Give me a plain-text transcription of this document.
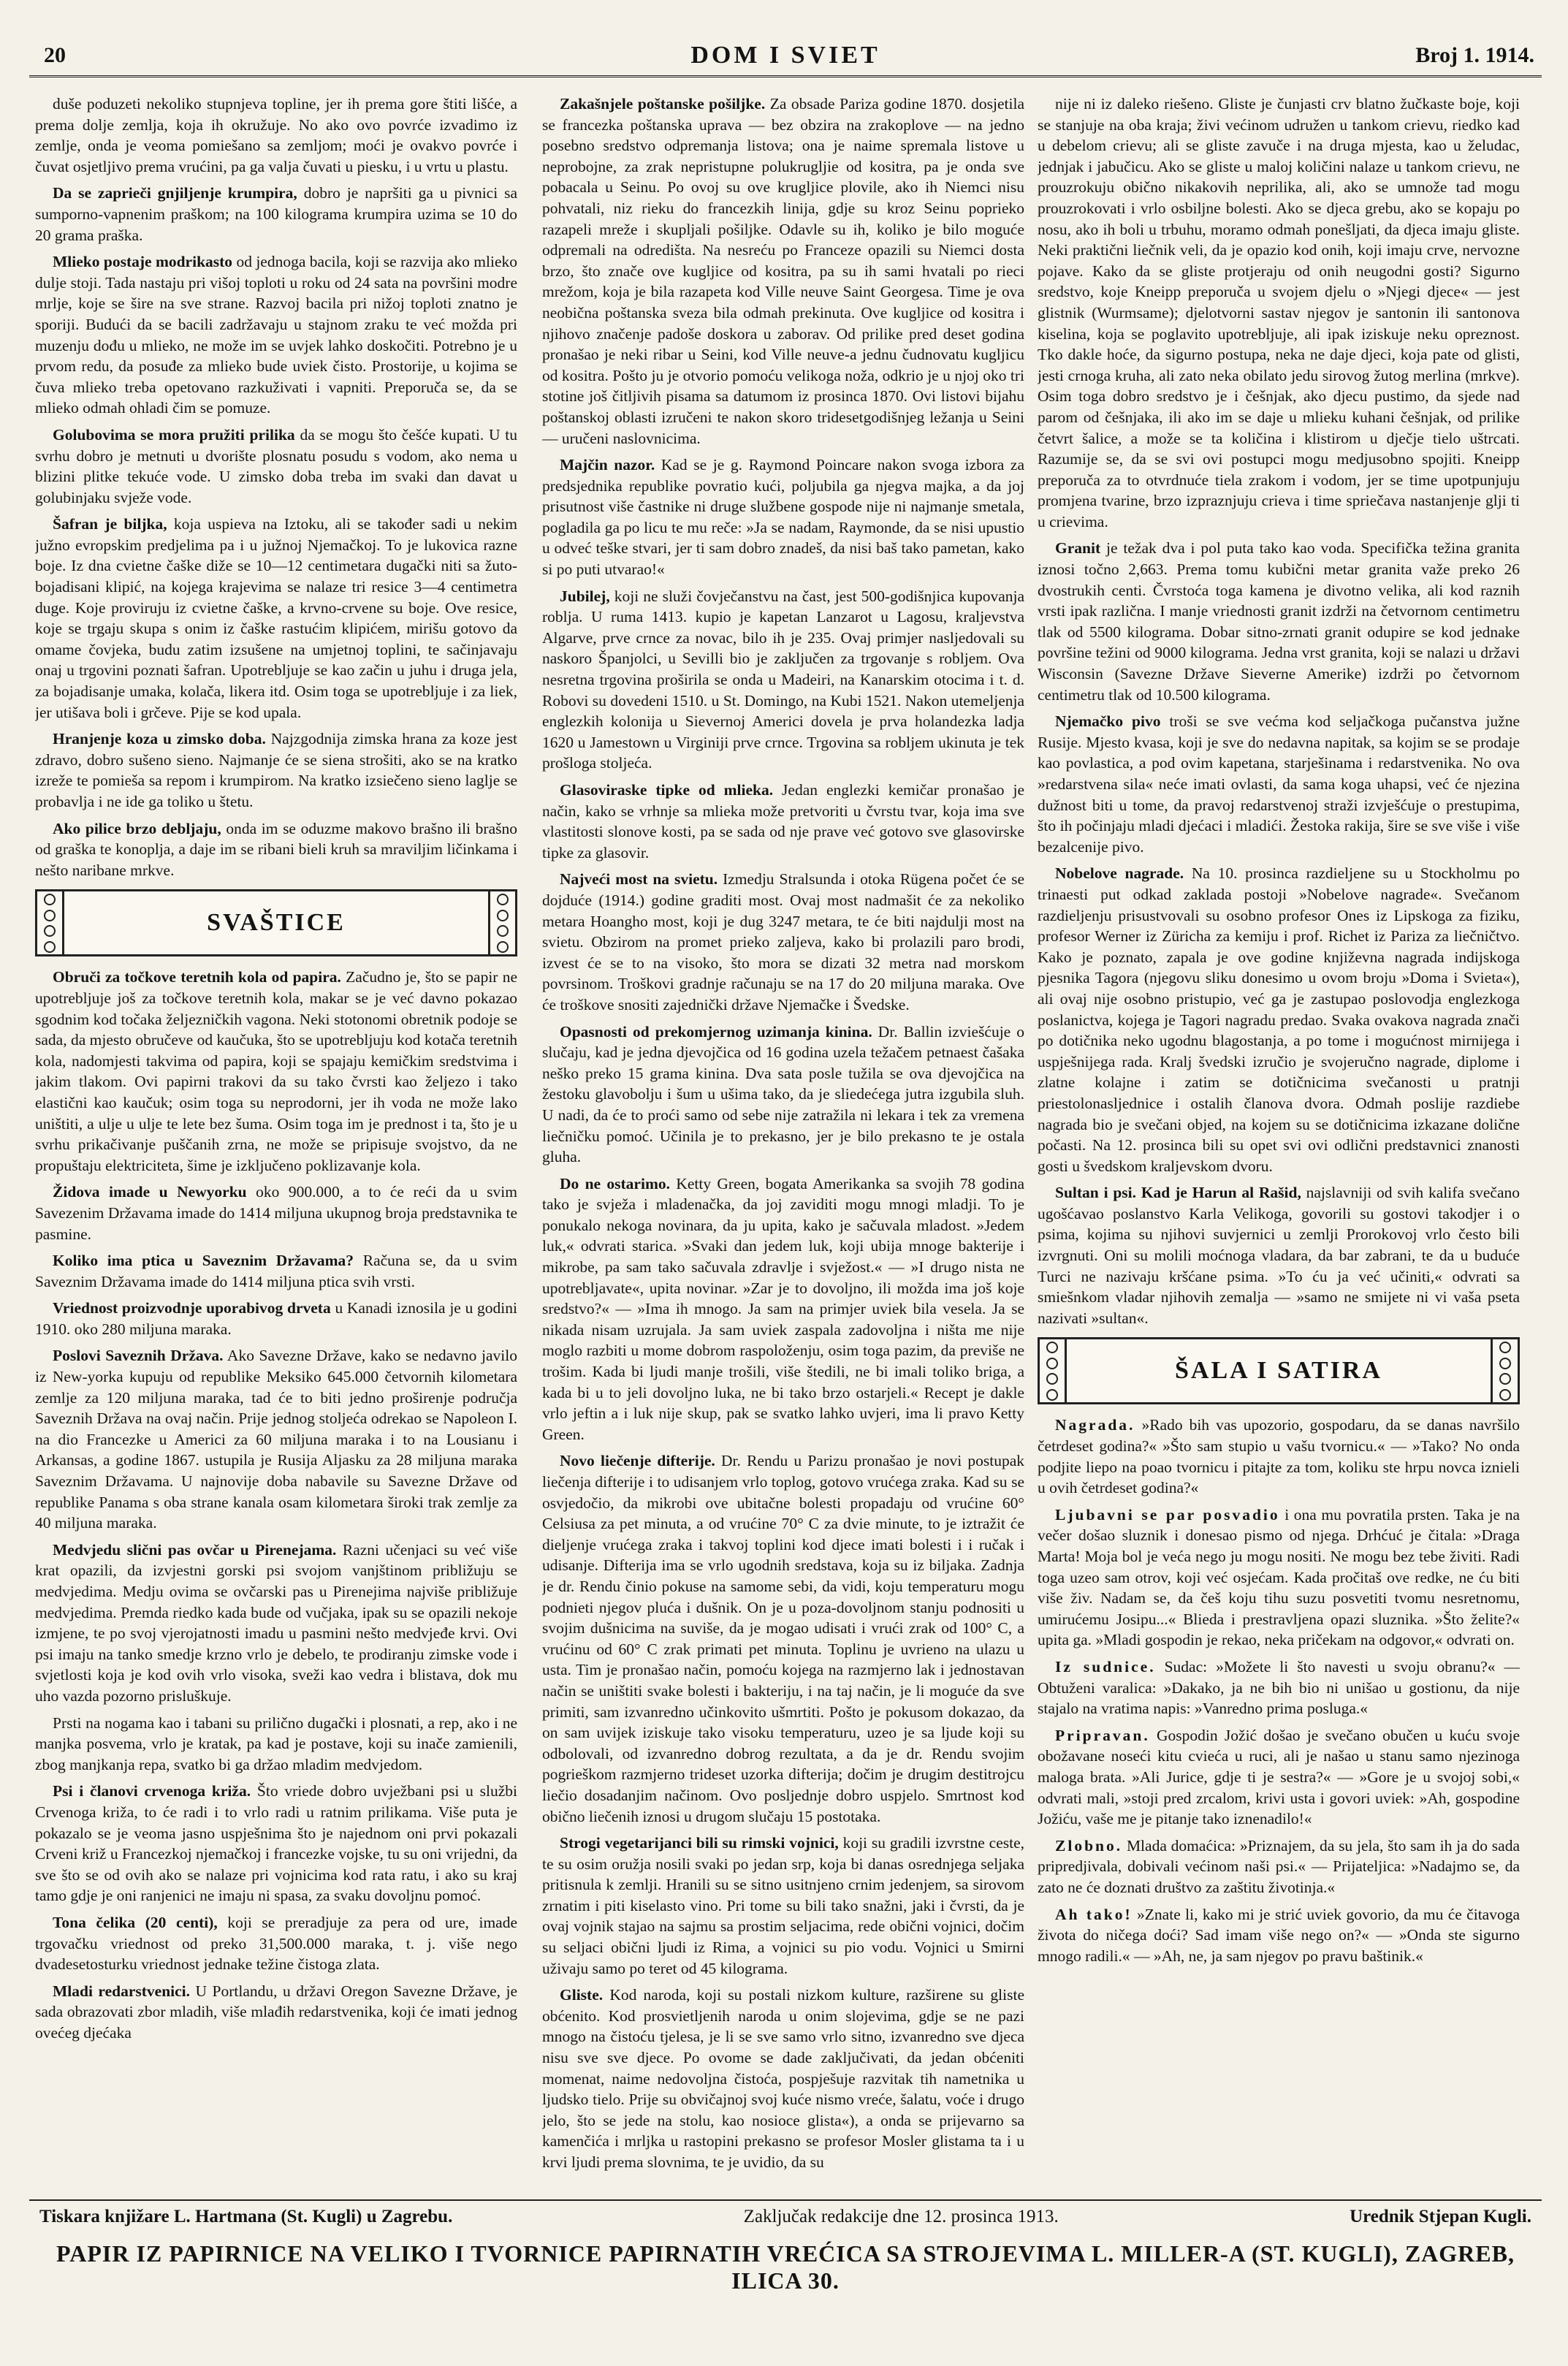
20	DOM I SVIET	Broj 1. 1914.

duše poduzeti nekoliko stupnjeva topline, jer ih prema gore štiti lišće, a prema dolje zemlja, koja ih okružuje. No ako ovo povrće izvadimo iz zemlje, onda je veoma pomiešano sa zemljom; moći je ovakvo povrće i čuvat osjetljivo prema vrućini, pa ga valja čuvati u piesku, i u vrtu u plastu.

Da se zaprieči gnjiljenje krumpira, dobro je napršiti ga u pivnici sa sumporno-vapnenim praškom; na 100 kilograma krumpira uzima se 10 do 20 grama praška.

Mlieko postaje modrikasto od jednoga bacila, koji se razvija ako mlieko dulje stoji. Tada nastaju pri višoj toploti u roku od 24 sata na površini modre mrlje, koje se šire na sve strane. Razvoj bacila pri nižoj toploti znatno je sporiji. Budući da se bacili zadržavaju u stajnom zraku te već možda pri muzenju dođu u mlieko, ne može im se uvjek lahko doskočiti. Potrebno je u prvom redu, da posuđe za mlieko bude uviek čisto. Prostorije, u kojima se čuva mlieko treba opetovano razkuživati i vapniti. Preporuča se, da se mlieko odmah ohladi čim se pomuze.

Golubovima se mora pružiti prilika da se mogu što češće kupati. U tu svrhu dobro je metnuti u dvorište plosnatu posudu s vodom, ako nema u blizini plitke tekuće vode. U zimsko doba treba im svaki dan davat u golubinjaku svježe vode.

Šafran je biljka, koja uspieva na Iztoku, ali se također sadi u nekim južno evropskim predjelima pa i u južnoj Njemačkoj. To je lukovica razne boje. Iz dna cvietne čaške diže se 10—12 centimetara dugački niti sa žuto-bojadisani klipić, na kojega krajevima se nalaze tri resice 3—4 centimetra duge. Koje proviruju iz cvietne čaške, a krvno-crvene su boje. Ove resice, koje se trgaju skupa s onim iz čaške rastućim klipićem, mirišu gotovo da omame čovjeka, budu zatim izsušene na umjetnoj toplini, te sačinjavaju onaj u trgovini poznati šafran. Upotrebljuje se kao začin u juhu i druga jela, za bojadisanje umaka, kolača, likera itd. Osim toga se upotrebljuje i za liek, jer utišava boli i grčeve. Pije se kod upala.

Hranjenje koza u zimsko doba. Najzgodnija zimska hrana za koze jest zdravo, dobro sušeno sieno. Najmanje će se siena strošiti, ako se na kratko izreže te pomieša sa repom i krumpirom. Na kratko izsiečeno sieno laglje se probavlja i ne ide ga toliko u štetu.

Ako pilice brzo debljaju, onda im se oduzme makovo brašno ili brašno od graška te konoplja, a daje im se ribani bieli kruh sa mraviljim ličinkama i nešto naribane mrkve.

SVAŠTICE

Obruči za točkove teretnih kola od papira. Začudno je, što se papir ne upotrebljuje još za točkove teretnih kola, makar se je već davno pokazao sgodnim kod točaka željezničkih vagona. Neki stotonomi obretnik podoje se sada, da mjesto obručeve od kaučuka, što se upotrebljuju kod kotača teretnih kola, nadomjesti takvima od papira, koji se spajaju kemičkim sredstvima i jakim tlakom. Ovi papirni trakovi da su tako čvrsti kao željezo i tako elastični kao kaučuk; osim toga su neprodorni, jer ih voda ne može lako uništiti, a ulje u ulje te lete bez šuma. Osim toga im je prednost i ta, što je u svrhu prikačivanje puščanih zrna, ne može se pripisuje svojstvo, da ne propuštaju elektriciteta, šime je izključeno poklizavanje kola.

Židova imade u Newyorku oko 900.000, a to će reći da u svim Savezenim Državama imade do 1414 miljuna ukupnog broja predstavnika te pasmine.

Koliko ima ptica u Saveznim Državama? Računa se, da u svim Saveznim Državama imade do 1414 miljuna ptica svih vrsti.

Vriednost proizvodnje uporabivog drveta u Kanadi iznosila je u godini 1910. oko 280 miljuna maraka.

Poslovi Saveznih Država. Ako Savezne Države, kako se nedavno javilo iz New-yorka kupuju od republike Meksiko 645.000 četvornih kilometara zemlje za 120 miljuna maraka, tad će to biti jedno proširenje područja Saveznih Država na ovaj način. Prije jednog stoljeća odrekao se Napoleon I. na dio Francezke u Americi za 60 miljuna maraka i to na Lousianu i Arkansas, a godine 1867. ustupila je Rusija Aljasku za 28 miljuna maraka Saveznim Državama. U najnovije doba nabavile su Savezne Države od republike Panama s oba strane kanala osam kilometara široki trak zemlje za 40 miljuna maraka.

Medvjedu slični pas ovčar u Pirenejama. Razni učenjaci su već više krat opazili, da izvjestni gorski psi svojom vanjštinom približuju se medvjedima. Medju ovima se ovčarski pas u Pirenejima najviše približuje medvjedima. Premda riedko kada bude od vučjaka, ipak su se opazili nekoje izmjene, te po svoj vjerojatnosti imadu u pasmini nešto medvjeđe krvi. Ovi psi imaju na tanko smedje krzno vrlo je debelo, te prodiranju zimske vode i svjetlosti koja je kod ovih vrlo visoka, sveži kao vedra i blistava, dok mu uho vazda pozorno prisluškuje.

Prsti na nogama kao i tabani su prilično dugački i plosnati, a rep, ako i ne manjka posvema, vrlo je kratak, pa kad je postave, koji su inače zamienili, zbog manjkanja repa, svatko bi ga držao mladim medvjedom.

Psi i članovi crvenoga križa. Što vriede dobro uvježbani psi u službi Crvenoga križa, to će radi i to vrlo radi u ratnim prilikama. Više puta je pokazalo se je veoma jasno uspješnima što je najednom oni prvi pokazali Crveni križ u Francezkoj njemačkoj i francezke vojske, tu su oni vrijedni, da sve što se od ovih ako se nalaze pri vojnicima kod rata ratu, i ako su kraj tamo gdje je oni ranjenici ne imaju ni spasa, za svaku dovoljnu pomoć.

Tona čelika (20 centi), koji se preradjuje za pera od ure, imade trgovačku vriednost od preko 31,500.000 maraka, t. j. više nego dvadesetosturku vriednost jednake težine čistoga zlata.

Mladi redarstvenici. U Portlandu, u državi Oregon Savezne Države, je sada obrazovati zbor mladih, više mlađih redarstvenika, koji će imati jednog ovećeg djećaka

Zakašnjele poštanske pošiljke. Za obsade Pariza godine 1870. dosjetila se francezka poštanska uprava — bez obzira na zrakoplove — na jedno posebno sredstvo odpremanja listova; ona je naime spremala listove u neprobojne, za zrak nepristupne polukrugljie od kositra, pa je onda sve pobacala u Seinu. Po ovoj su ove krugljice plovile, ako ih Niemci nisu pohvatali, niz rieku do francezkih linija, gdje su kroz Seinu poprieko razapeli mreže i skupljali pošiljke. Odavle su ih, koliko je bilo moguće odpremali na odredišta. Na nesreću po Franceze opazili su Niemci dosta brzo, što znače ove kugljice od kositra, pa su ih sami hvatali po rieci mrežom, koja je bila razapeta kod Ville neuve Saint Georgesa. Time je ova neobična poštanska svеza bila odmah prekinuta. Ove kugljice od kositra i njihovo značenje padoše doskora u zaborav. Od prilike pred deset godina pronašao je neki ribar u Seini, kod Ville neuve-a jednu čudnovatu kugljicu od kositra. Pošto ju je otvorio pomoću velikoga noža, odkrio je u njoj oko tri stotine još čitljivih pisama sa datumom iz prosinca 1870. Ovi listovi bijahu poštanskoj oblasti izručeni te nakon skoro tridesetgodišnjeg ležanja u Seini — uručeni naslovnicima.

Majčin nazor. Kad se je g. Raymond Poincare nakon svoga izbora za predsjednika republike povratio kući, poljubila ga njegva majka, a da joj prisutnost više častnike ni druge službene gospode nije ni najmanje smetala, pogladila ga po licu te mu reče: »Ja se nadam, Raymonde, da se nisi upustio u odveć teške stvari, jer ti sam dobro znadeš, da nisi baš tako pametan, kako si po puti utvarao!«

Jubilej, koji ne služi čovječanstvu na čast, jest 500-godišnjica kupovanja roblja. U ruma 1413. kupio je kapetan Lanzarot u Lagosu, kraljevstva Algarve, prve crnce za novac, bilo ih je 235. Ovaj primjer nasljedovali su naskoro Španjolci, u Sevilli bio je zaključen za trgovanje s robljem. Ova nesretna trgovina proširila se onda u Madeiri, na Kanarskim otocima i t. d. Robovi su dovedeni 1510. u St. Domingo, na Kubi 1521. Nakon utemeljenja englezkih kolonija u Sievernoj Americi dovela je prva holandezka ladja 1620 u Jamestown u Virginiji prve crnce. Trgovina sa robljem ukinuta je tek prošloga stoljeća.

Glasoviraske tipke od mlieka. Jedan englezki kemičar pronašao je način, kako se vrhnje sa mlieka može pretvoriti u čvrstu tvar, koja ima sve vlastitosti slonove kosti, pa se sada od nje prave već gotovo sve glasovirske tipke za glasovir.

Najveći most na svietu. Izmedju Stralsunda i otoka Rügena počet će se dojduće (1914.) godine graditi most. Ovaj most nadmašit će za nekoliko metara Hoangho most, koji je dug 3247 metara, te će biti najdulji most na svietu. Obzirom na promet prieko zaljeva, kako bi prolazili paro brodi, izvest će se to na visoko, što mora se dizati 32 metra nad morskom povrsinom. Troškovi gradnje računaju se na 17 do 20 miljuna maraka. Ove će troškove snositi zajednički države Njemačke i Švedske.

Opasnosti od prekomjernog uzimanja kinina. Dr. Ballin izviešćuje o slučaju, kad je jedna djevojčica od 16 godina uzela težačem petnaest čašaka neško preko 15 grama kinina. Dva sata posle tužila se ova djevojčica na žestoku glavobolju i šum u ušima tako, da je sliedećega jutra izgubila sluh. U nadi, da će to proći samo od sebe nije zatražila ni lekara i tek za vremena liečničku pomoć. Učinila je to prekasno, jer je bilo prekasno te je ostala gluha.

Do ne ostarimo. Ketty Green, bogata Amerikanka sa svojih 78 godina tako je svježa i mladenačka, da joj zaviditi mogu mnogi mladji. To je ponukalo nekoga novinara, da ju upita, kako je sačuvala mladost. »Jedem luk,« odvrati starica. »Svaki dan jedem luk, koji ubija mnoge bakterije i mikrobe, pa sam tako sačuvala zdravlje i svježost.« — »I drugo nista ne upotrebljavate«, upita novinar. »Zar je to dovoljno, ili možda ima još koje sredstvo?« — »Ima ih mnogo. Ja sam na primjer uviek bila veselа. Ja se nikada nisam uzrujala. Ja sam uviek zaspala zadovoljna i ništa me nije moglo razbiti u mome dobrom raspoloženju, osim toga pazim, da previše ne trošim. Kada bi ljudi manje trošili, više štedili, ne bi imali toliko briga, a kada bi u to jeli dovoljno luka, ne bi tako brzo ostarjeli.« Recept je dakle vrlo jeftin a i luk nije skup, pak se svatko lahko uvjeri, ima li pravo Ketty Green.

Novo liečenje difterije. Dr. Rendu u Parizu pronašao je novi postupak liečenja difterije i to udisanjem vrlo toplog, gotovo vrućega zraka. Kad su se osvjedočio, da mikrobi ove ubitačne bolesti propadaju od vrućine 60° Celsiusa za pet minuta, a od vrućine 70° C za dvie minute, to je iztražit će dieljenje vrućega zraka i takvoj toplini kod djece imati bolesti i i ručak i udisanje. Difterija ima se vrlo ugodnih sredstava, koja su iz biljaka. Zadnja je dr. Rendu činio pokuse na samome sebi, da vidi, koju temperaturu mogu podnieti njegov pluća i dušnik. On je u poza-dovoljnom stanju podnositi u svojim dušnicima na suviše, da je mogao udisati i vrući zrak od 100° C, a vrućinu od 60° C zrak primati pet minuta. Toplinu je uvrieno na ulazu u usta. Tim je pronašao način, pomoću kojega na razmjerno lak i jednostavan način se uništiti svake bolesti i bakteriju, i na taj način, je li moguće da sve primiti, sam izvanredno učinkovito ušmrtiti. Pošto je pokusom dokazao, da on sam uvijek iziskuje tako visoku temperaturu, uzeo je sa ljude koji su odbolovali, od izvanredno dobrog rezultata, a da je dr. Rendu svojim pogrieškom razmjerno trideset uzorka difterija; dočim je drugim destitrojcu liečio dosadanjim načinom. Ovo posljednje dobro uspjelo. Smrtnost kod obično liečenih iznosi u drugom slučaju 15 postotaka.

Strogi vegetarijanci bili su rimski vojnici, koji su gradili izvrstne ceste, te su osim oružja nosili svaki po jedan srp, koja bi danas osrednjega seljaka pritisnula k zemlji. Hranili su se sitno usitnjeno crnim jedenjem, sa sirovom zrnatim i piti kiselasto vino. Pri tome su bili tako snažni, jaki i čvrsti, da je ovaj vojnik stajao na sajmu sa prostim seljacima, rede obični vojnici, dočim su seljaci obični ljudi iz Rima, a vojnici su pio vodu. Vojnici u Smirni uživaju samo po teret od 45 kilograma.

Gliste. Kod naroda, koji su postali nizkom kulture, razširene su gliste obćenito. Kod prosvietljenih naroda u onim slojevima, gdje se ne pazi mnogo na čistoću tjelesa, je li se sve samo vrlo sitno, izvanredno sve djeca nisu sve sve djece. Po ovome se dade zaključivati, da jedan obćeniti momenat, naime nedovoljna čistoća, pospješuje razvitak tih nametnika u ljudsko tielo. Prije su obvičajnoj svoj kuće nismo vreće, šalatu, voće i drugo jelo, što se jede na stolu, kao nosioce glista«), a onda se prijevarno sa kamenčića i mrljka u rastopini prekasno se profesor Mosler glistama ta i u krvi ljudi prema slovnima, te je uvidio, da su

nije ni iz daleko riešeno. Gliste je čunjasti crv blatno žučkaste boje, koji se stanjuje na oba kraja; živi većinom udružen u tankom crievu, riedko kad u debelom crievu; ali se gliste zavuče i na druga mjesta, kao u želudac, jednjak i jabučicu. Ako se gliste u maloj količini nalaze u tankom crievu, ne prouzrokuju obično nikakovih neprilika, ali, ako se umnože tad mogu prouzrokovati i vrlo osbiljne bolesti. Ako se djeca grebu, ako se kopaju po nosu, ako ih boli u trbuhu, moramo odmah ponešljati, da djeca imaju gliste. Neki praktični liečnik veli, da je opazio kod onih, koji imaju crve, nervozne pojave. Kako da se gliste protjeraju od onih neugodni gosti? Sigurno sredstvo, koje Kneipp preporuča u svojem djelu o »Njegi djece« — jest glistnik (Wurmsame); djelotvorni sastav njegov je santonin ili santonova kiselina, koja se poglavito upotrebljuje, ali ipak iziskuje neku opreznost. Tko dakle hoće, da sigurno postupa, neka ne daje djeci, koja pate od glisti, jesti crnoga kruha, ali zato neka obilato jedu sirovog žutog merlina (mrkve). Osim toga dobro sredstvo je i češnjak, ako djecu pustimo, da sjede nad parom od češnjaka, ili ako im se daje u mlieku kuhani češnjak, od prilike četvrt šalice, a može se ta količina i klistirom u dječje tielo uštrcati. Razumije se, da se svi ovi postupci mogu medjusobno spojiti. Kneipp preporuča za to otvrdnuće tiela zrakom i vodom, jer se time upotpunjuju promjena tvarine, brzo izpraznjuju crieva i time spriečava nastanjenje glji ti u crievima.

Granit je težak dva i pol puta tako kao voda. Specifička težina granita iznosi točno 2,663. Prema tomu kubični metar granita važe preko 26 dvostrukih centi. Čvrstoća toga kamena je divotno velika, ali kod raznih vrsti ipak različna. I manje vriednosti granit izdrži na četvornom centimetru tlak od 5500 kilograma. Dobar sitno-zrnati granit odupire se kod jednake površine težini od 9000 kilograma. Jedna vrst granita, koji se nalazi u državi Wisconsin (Savezne Države Sieverne Amerike) izdrži po četvornom centimetru tlak od 10.500 kilograma.

Njemačko pivo troši se sve većma kod seljačkoga pučanstva južne Rusije. Mjesto kvasa, koji je sve do nedavna napitak, sa kojim se se prodaje kao povlastica, a pod ovim kapetana, starješinama i redarstvenika. No ova »redarstvena sila« neće imati ovlasti, da sama koga uhapsi, već će njezina dužnost biti u tome, da pravoj redarstvenoj straži izvješćuje o prestupima, što ih počinjaju mladi djećaci i mladići. Žestoka rakija, šire se sve više i više bezalcenije pivo.

Nobelove nagrade. Na 10. prosinca razdieljene su u Stockholmu po trinaesti put odkad zaklada postoji »Nobelove nagrade«. Svečanom razdieljenju prisustvovali su osobno profesor Ones iz Lipskoga za fiziku, profesor Werner iz Züricha za kemiju i prof. Richet iz Pariza za liečničtvo. Kako je poznato, zapala je ove godine književna nagrada indijskoga pjesnika Tagora (njegovu sliku donesimo u ovom broju »Doma i Svieta«), ali ovaj nije osobno pristupio, već ga je zastupao poslovodja englezkoga poslanictva, kojega je Tagori nagradu predao. Svaka ovakova nagrada znači po dotičnika neko ugodnu blagostanja, a po tome i mogućnost mirnijega i uspješnijega rada. Kralj švedski izručio je svojeručno nagrade, diplome i zlatne kolajne i zatim se dotičnicima svečanosti u pratnji priestolonasljednice i ostalih članova dvora. Odmah poslije razdiebe nagrada bio je svečani objed, na kojem su se dotičnicima izkazane dolične počasti. Na 12. prosinca bili su opet svi ovi odlični predstavnici znanosti gosti u švedskom kraljevskom dvoru.

Sultan i psi. Kad je Harun al Rašid, najslavniji od svih kalifa svečano ugošćavao poslanstvo Karla Velikoga, govorili su gostovi takodjer i o psima, kojima su njihovi suvjernici u zemlji Prorokovoj vrlo često bili izvrgnuti. Oni su molili moćnoga vladara, da bar zabrani, te da u buduće Turci ne nazivaju kršćane psima. »To ću ja već učiniti,« odvrati sa smiešnkom vladar njihovih zemalja — »samo ne smijete ni vi vaša pseta nazivati »sultan«.

ŠALA I SATIRA

Nagrada. »Rado bih vas upozorio, gospodaru, da se danas navršilo četrdeset godina?« »Što sam stupio u vašu tvornicu.« — »Tako? No onda podjite liepo na poao tvornicu i pitajte za tom, koliku ste hrpu novca iznieli u ovih četrdeset godina?«

Ljubavni se par posvadio i ona mu povratila prsten. Taka je na večer došao sluznik i donesao pismo od njega. Drhćuć je čitala: »Draga Marta! Moja bol je veća nego ju mogu nositi. Ne mogu bez tebe živiti. Radi toga uzeo sam otrov, koji već osjećam. Kada pročitaš ove redke, ne ću biti više živ. Nadam se, da češ koju tihu suzu posvetiti tvomu nesretnomu, umirućemu Josipu...« Blieda i prestravljena opazi sluznika. »Što želite?« upita ga. »Mladi gospodin je rekao, neka pričekam na odgovor,« odvrati on.

Iz sudnice. Sudac: »Možete li što navesti u svoju obranu?« — Obtuženi varalica: »Dakako, ja ne bih bio ni unišao u gostionu, da nije stajalo na vratima napis: »Vanredno prima posluga.«

Pripravan. Gospodin Jožić došao je svečano obučen u kuću svoje obožavane noseći kitu cvieća u ruci, ali je našao u stanu samo njezinoga maloga brata. »Ali Jurice, gdje ti je sestra?« — »Gore je u svojoj sobi,« odvrati mali, »stoji pred zrcalom, krivi usta i govori uviek: »Ah, gospodine Jožiću, vaše me je pitanje tako iznenadilo!«

Zlobno. Mlada domaćica: »Priznajem, da su jela, što sam ih ja do sada pripredjivala, dobivali većinom naši psi.« — Prijateljica: »Nadajmo se, da zato ne će doznati društvo za zaštitu životinja.«

Ah tako! »Znate li, kako mi je strić uviek govorio, da mu će čitavoga života do ničega doći? Sad imam više nego on?« — »Onda ste sigurno mnogo radili.« — »Ah, ne, ja sam njegov po pravu baštinik.«

Tiskara knjižare L. Hartmana (St. Kugli) u Zagrebu.	Zaključak redakcije dne 12. prosinca 1913.	Urednik Stjepan Kugli.
PAPIR IZ PAPIRNICE NA VELIKO I TVORNICE PAPIRNATIH VREĆICA SA STROJEVIMA L. MILLER-A (ST. KUGLI), ZAGREB, ILICA 30.
